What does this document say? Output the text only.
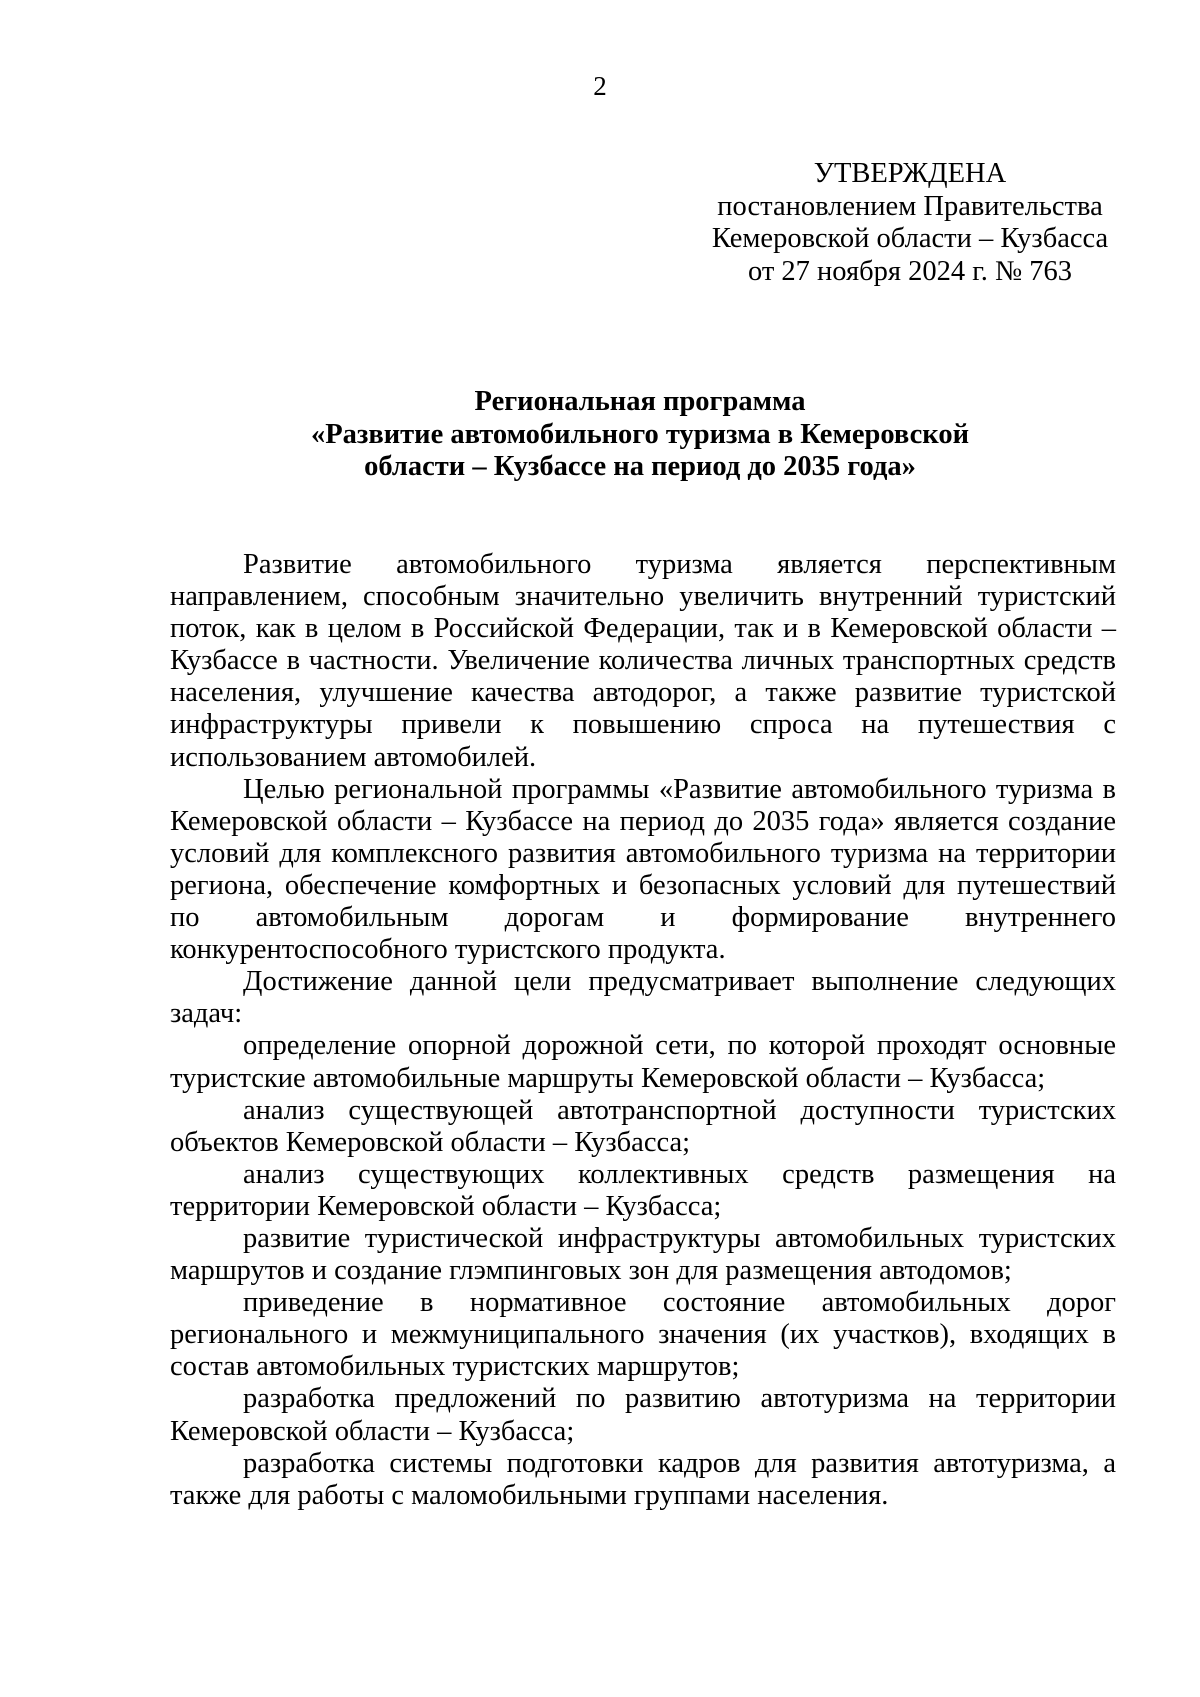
2
УТВЕРЖДЕНА
постановлением Правительства
Кемеровской области – Кузбасса
от 27 ноября 2024 г. № 763
Региональная программа
«Развитие автомобильного туризма в Кемеровской
области – Кузбассе на период до 2035 года»

Развитие автомобильного туризма является перспективным направлением, способным значительно увеличить внутренний туристский поток, как в целом в Российской Федерации, так и в Кемеровской области – Кузбассе в частности. Увеличение количества личных транспортных средств населения, улучшение качества автодорог, а также развитие туристской инфраструктуры привели к повышению спроса на путешествия с использованием автомобилей.

Целью региональной программы «Развитие автомобильного туризма в Кемеровской области – Кузбассе на период до 2035 года» является создание условий для комплексного развития автомобильного туризма на территории региона, обеспечение комфортных и безопасных условий для путешествий по автомобильным дорогам и формирование внутреннего конкурентоспособного туристского продукта.

Достижение данной цели предусматривает выполнение следующих задач:

определение опорной дорожной сети, по которой проходят основные туристские автомобильные маршруты Кемеровской области – Кузбасса;

анализ существующей автотранспортной доступности туристских объектов Кемеровской области – Кузбасса;

анализ существующих коллективных средств размещения на территории Кемеровской области – Кузбасса;

развитие туристической инфраструктуры автомобильных туристских маршрутов и создание глэмпинговых зон для размещения автодомов;

приведение в нормативное состояние автомобильных дорог регионального и межмуниципального значения (их участков), входящих в состав автомобильных туристских маршрутов;

разработка предложений по развитию автотуризма на территории Кемеровской области – Кузбасса;

разработка системы подготовки кадров для развития автотуризма, а также для работы с маломобильными группами населения.
